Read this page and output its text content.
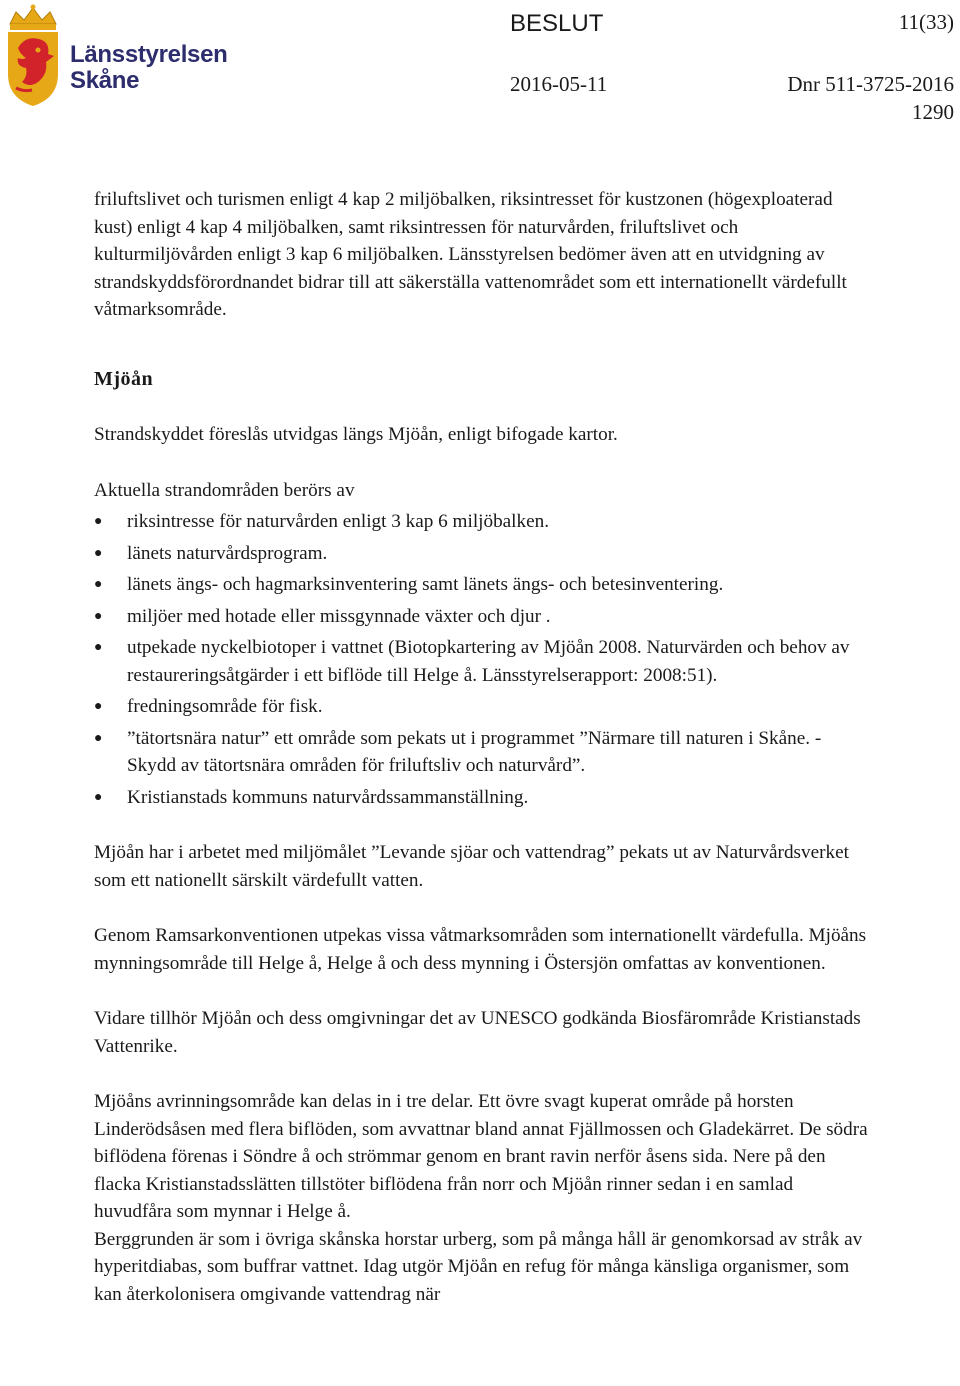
Länsstyrelsen
Skåne
BESLUT	11(33)
2016-05-11	Dnr 511-3725-2016
1290

friluftslivet och turismen enligt 4 kap 2 miljöbalken, riksintresset för kustzonen (högexploaterad kust) enligt 4 kap 4 miljöbalken, samt riksintressen för naturvården, friluftslivet och kulturmiljövården enligt 3 kap 6 miljöbalken. Länsstyrelsen bedömer även att en utvidgning av strandskyddsförordnandet bidrar till att säkerställa vattenområdet som ett internationellt värdefullt våtmarksområde.

Mjöån

Strandskyddet föreslås utvidgas längs Mjöån, enligt bifogade kartor.

Aktuella strandområden berörs av

● riksintresse för naturvården enligt 3 kap 6 miljöbalken.
● länets naturvårdsprogram.
● länets ängs- och hagmarksinventering samt länets ängs- och betesinventering.
● miljöer med hotade eller missgynnade växter och djur .
● utpekade nyckelbiotoper i vattnet (Biotopkartering av Mjöån 2008. Naturvärden och behov av restaureringsåtgärder i ett biflöde till Helge å. Länsstyrelserapport: 2008:51).
● fredningsområde för fisk.
● ”tätortsnära natur” ett område som pekats ut i programmet ”Närmare till naturen i Skåne. - Skydd av tätortsnära områden för friluftsliv och naturvård”.
● Kristianstads kommuns naturvårdssammanställning.

Mjöån har i arbetet med miljömålet ”Levande sjöar och vattendrag” pekats ut av Naturvårdsverket som ett nationellt särskilt värdefullt vatten.

Genom Ramsarkonventionen utpekas vissa våtmarksområden som internationellt värdefulla. Mjöåns mynningsområde till Helge å, Helge å och dess mynning i Östersjön omfattas av konventionen.

Vidare tillhör Mjöån och dess omgivningar det av UNESCO godkända Biosfärområde Kristianstads Vattenrike.

Mjöåns avrinningsområde kan delas in i tre delar. Ett övre svagt kuperat område på horsten Linderödsåsen med flera biflöden, som avvattnar bland annat Fjällmossen och Gladekärret. De södra biflödena förenas i Söndre å och strömmar genom en brant ravin nerför åsens sida. Nere på den flacka Kristianstadsslätten tillstöter biflödena från norr och Mjöån rinner sedan i en samlad huvudfåra som mynnar i Helge å.

Berggrunden är som i övriga skånska horstar urberg, som på många håll är genomkorsad av stråk av hyperitdiabas, som buffrar vattnet. Idag utgör Mjöån en refug för många känsliga organismer, som kan återkolonisera omgivande vattendrag när
